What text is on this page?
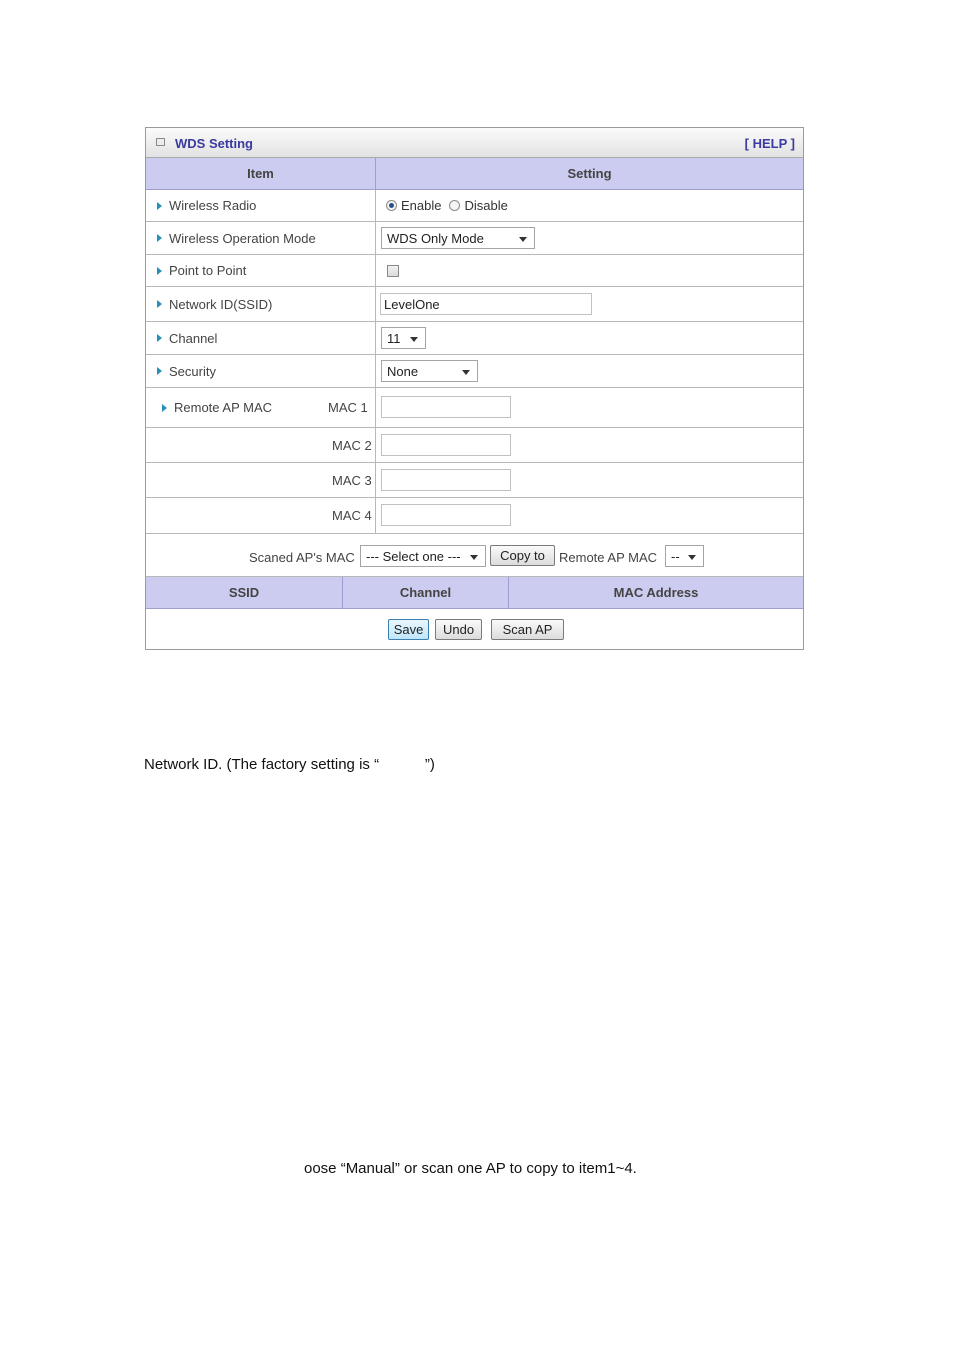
WDS Setting	[ HELP ]
Item	Setting
Wireless Radio	Enable Disable
Wireless Operation Mode	WDS Only Mode
Point to Point
Network ID(SSID)	LevelOne
Channel	11
Security	None
Remote AP MAC	MAC 1
MAC 2
MAC 3
MAC 4
Scaned AP's MAC --- Select one ---	Copy to	Remote AP MAC --
SSID	Channel	MAC Address
Save	Undo	Scan AP
Network ID. (The factory setting is “           ”)
oose “Manual” or scan one AP to copy to item1~4.
